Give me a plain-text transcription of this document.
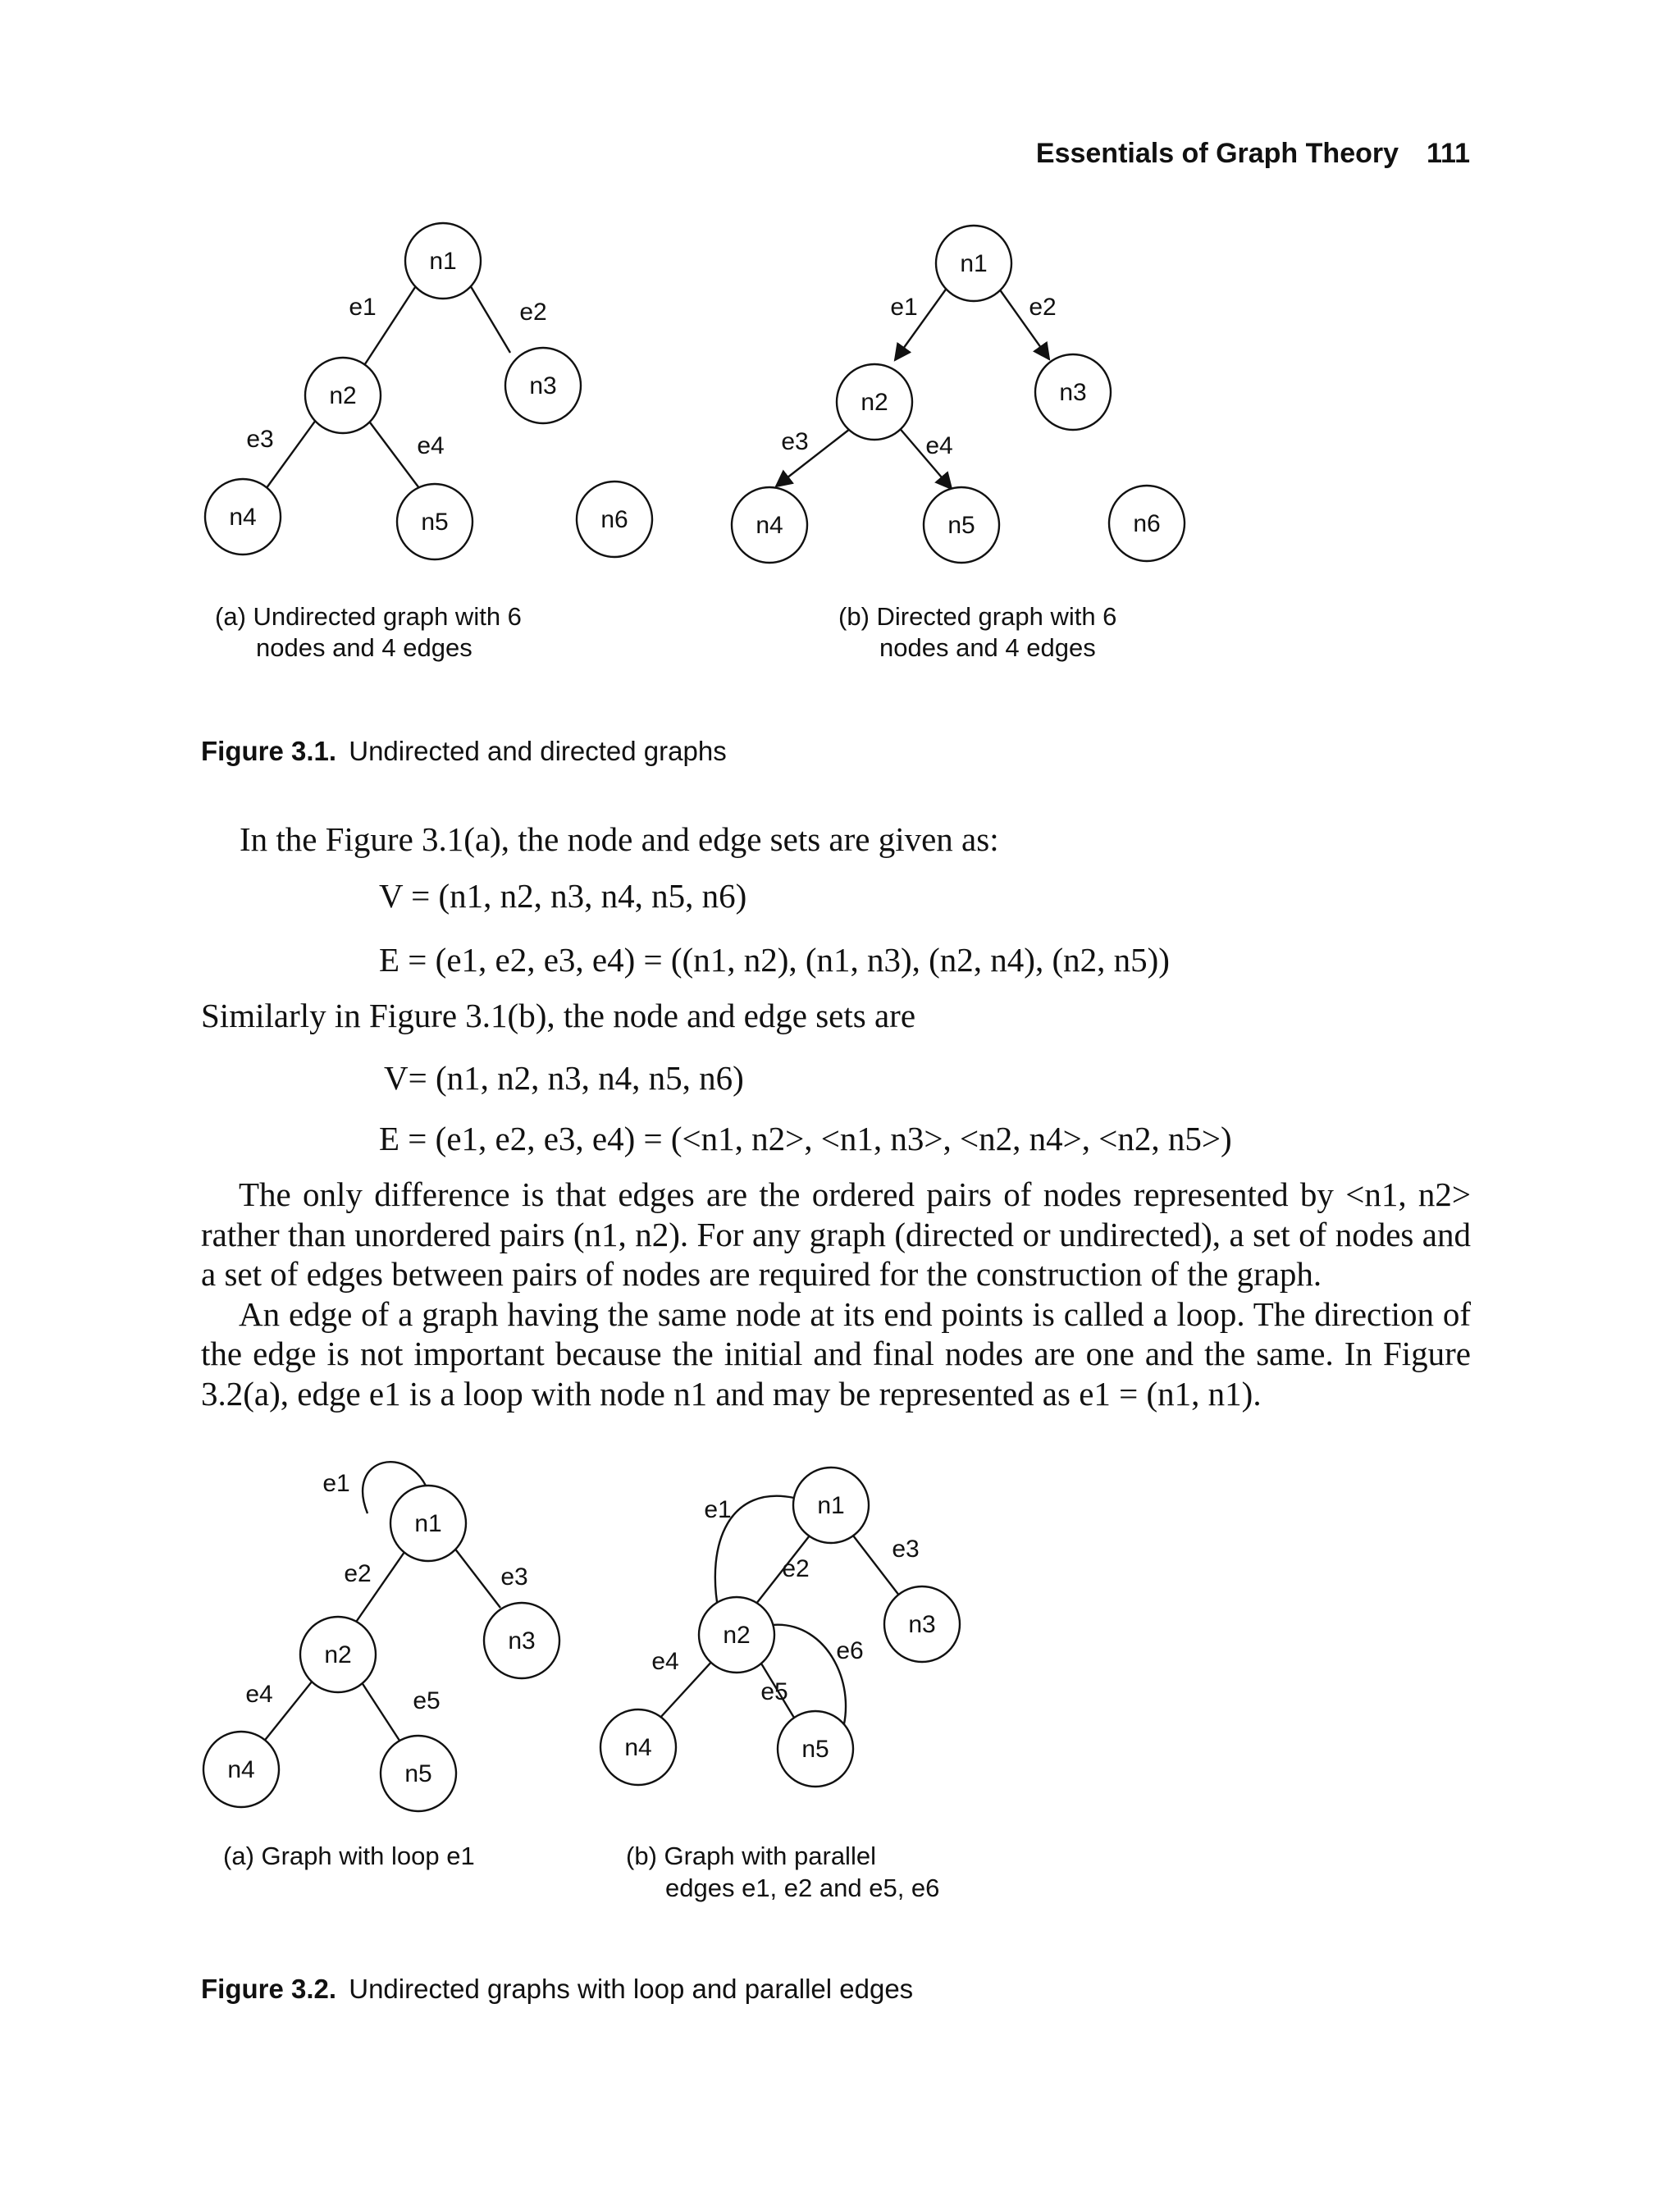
Essentials of Graph Theory 111
n1
n2	n3
n4	n5	n6
e1	e2
e3	e4
(a) Undirected graph with 6
nodes and 4 edges
n1
n2	n3
n4	n5	n6
e1	e2
e3	e4
(b) Directed graph with 6
nodes and 4 edges
Figure 3.1. Undirected and directed graphs
In the Figure 3.1(a), the node and edge sets are given as:
V = (n1, n2, n3, n4, n5, n6)
E = (e1, e2, e3, e4) = ((n1, n2), (n1, n3), (n2, n4), (n2, n5))
Similarly in Figure 3.1(b), the node and edge sets are
V= (n1, n2, n3, n4, n5, n6)
E = (e1, e2, e3, e4) = (<n1, n2>, <n1, n3>, <n2, n4>, <n2, n5>)

The only difference is that edges are the ordered pairs of nodes represented by <n1, n2> rather than unordered pairs (n1, n2). For any graph (directed or undirected), a set of nodes and a set of edges between pairs of nodes are required for the construction of the graph.

An edge of a graph having the same node at its end points is called a loop. The direction of the edge is not important because the initial and final nodes are one and the same. In Figure 3.2(a), edge e1 is a loop with node n1 and may be represented as e1 = (n1, n1).

n1
n2
n3
n4	n5
e1
e2	e3
e4	e5
(a) Graph with loop e1
n1
n2	n3
n4	n5
e1
e2
e3
e4
e5
e6
(b) Graph with parallel
edges e1, e2 and e5, e6
Figure 3.2. Undirected graphs with loop and parallel edges
